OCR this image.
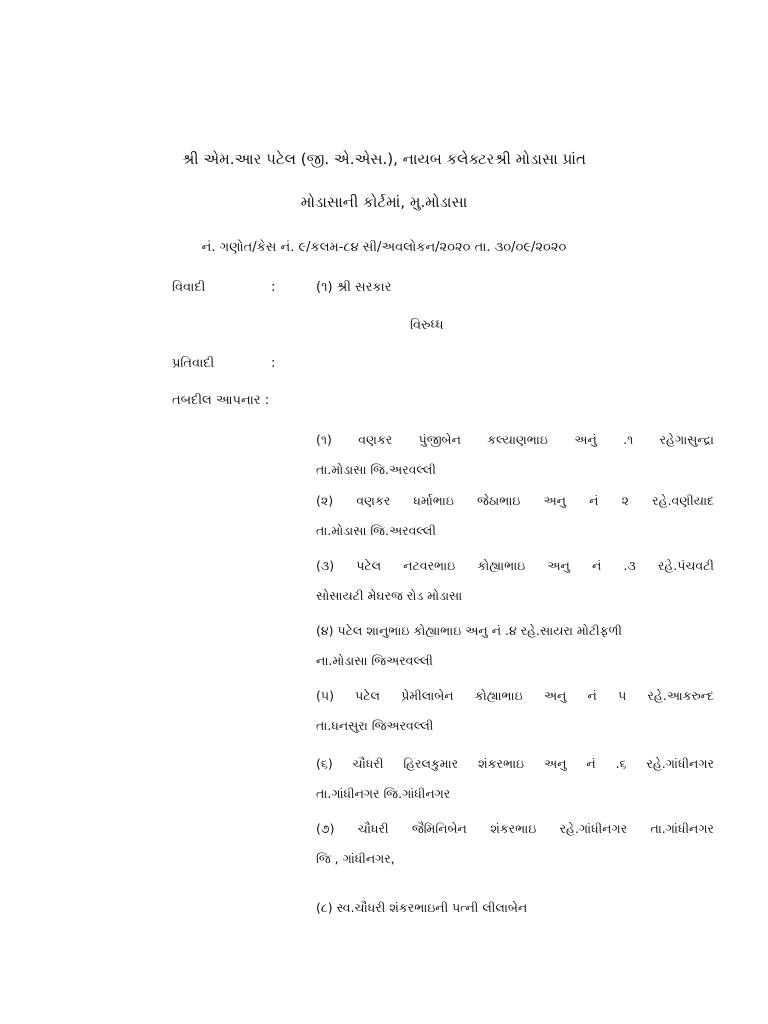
શ્રી એમ.આર પટેલ (જી. એ.એસ.), નાયબ કલેક્ટરશ્રી મોડાસા પ્રાંત
મોડાસાની કોર્ટમાં, મુ.મોડાસા
નં. ગણોત/કેસ નં. ૯/કલમ-૮૪ સી/અવલોકન/૨૦૨૦ તા. ૩૦/૦૯/૨૦૨૦
વિવાદી	:	(૧) શ્રી સરકાર
વિરુધ્ધ
પ્રતિવાદી	:
તબદીલ આપનાર :
(૧) વણકર પુંજીબેન કલ્યાણભાઇ અનું .૧ રહેગાસુન્દ્રા
તા.મોડાસા જિ.અરવલ્લી
(૨) વણકર ધર્માભાઇ જેઠાભાઇ અનુ નં ૨ રહે.વણીયાદ
તા.મોડાસા જિ.અરવલ્લી
(૩) પટેલ નટવરભાઇ કોહ્યાભાઇ અનુ નં .૩ રહે.પંચવટી
સોસાયટી મેઘરજ રોડ મોડાસા
(૪) પટેલ શાનુભાઇ કોહ્યાભાઇ અનુ નં .૪ રહે.સાયરા મોટીફળી
ના.મોડાસા જિઅરવલ્લી
(૫) પટેલ પ્રેમીલાબેન કોહ્યાભાઇ અનુ નં ૫ રહે.આકરુન્દ
તા.ધનસુરા જિઅરવલ્લી
(૬) ચૌધરી હિરલકુમાર શંકરભાઇ અનુ નં .૬ રહે.ગાંધીનગર
તા.ગાંધીનગર જિ.ગાંધીનગર
(૭) ચૌધરી જૈમિનિબેન શંકરભાઇ રહે.ગાંધીનગર તા.ગાંધીનગર
જિ , ગાંધીનગર,
(૮) સ્વ.ચૌધરી શંકરભાઇની પત્ની લીલાબેન
